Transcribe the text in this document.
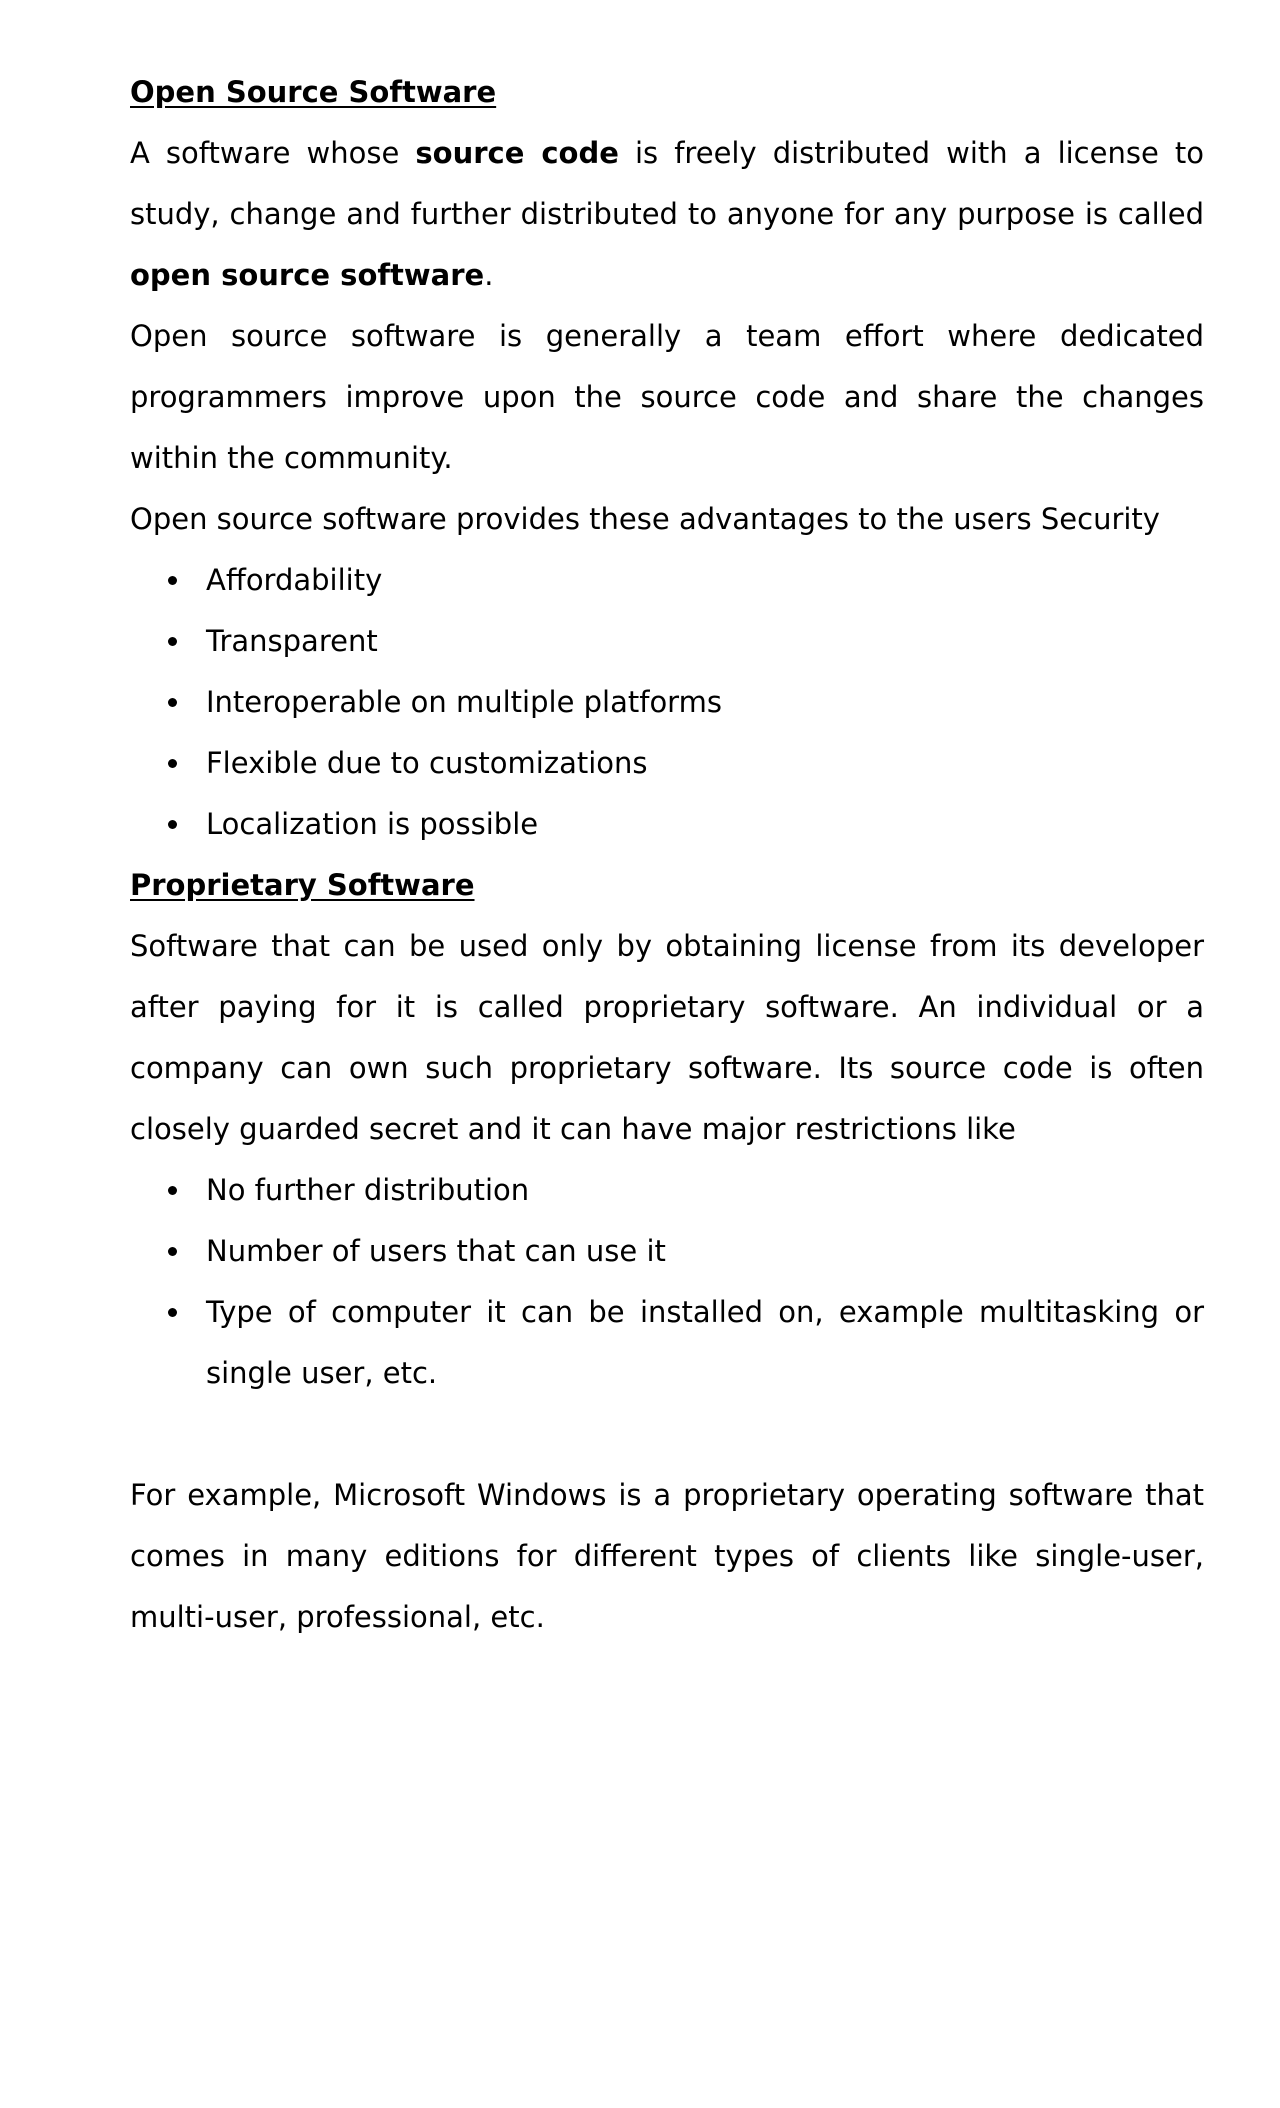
Open Source Software

A software whose source code is freely distributed with a license to study, change and further distributed to anyone for any purpose is called open source software.

Open source software is generally a team effort where dedicated programmers improve upon the source code and share the changes within the community.

Open source software provides these advantages to the users Security

Affordability
Transparent
Interoperable on multiple platforms
Flexible due to customizations
Localization is possible
Proprietary Software

Software that can be used only by obtaining license from its developer after paying for it is called proprietary software. An individual or a company can own such proprietary software. Its source code is often closely guarded secret and it can have major restrictions like

No further distribution
Number of users that can use it
Type of computer it can be installed on, example multitasking or single user, etc.

For example, Microsoft Windows is a proprietary operating software that comes in many editions for different types of clients like single-user, multi-user, professional, etc.
